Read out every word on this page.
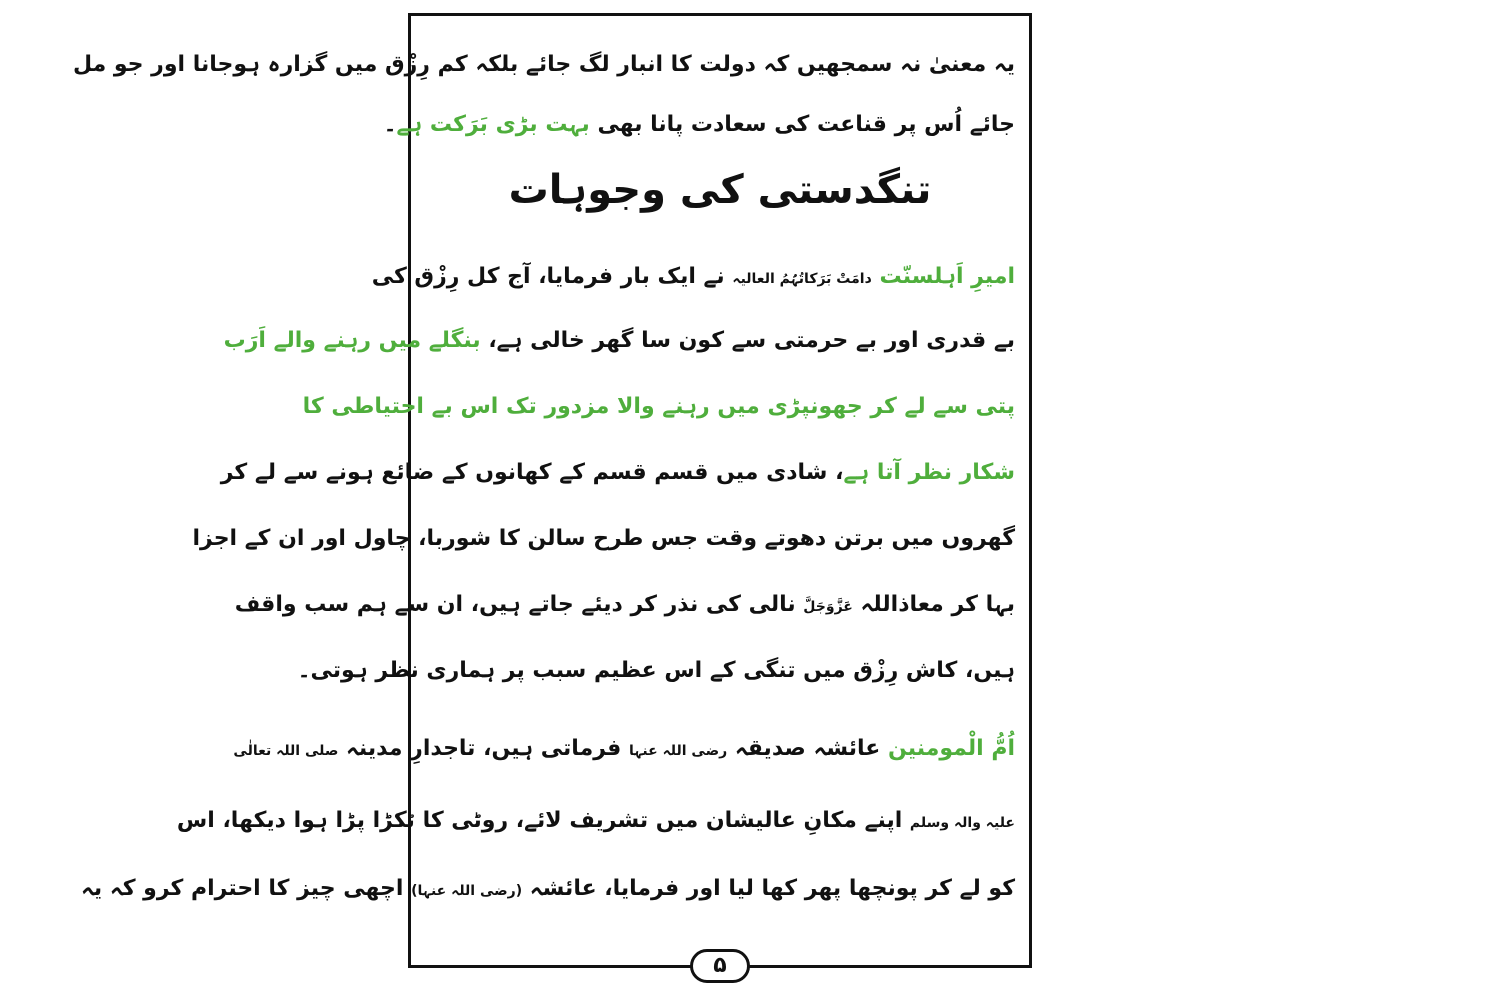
یہ معنیٰ نہ سمجھیں کہ دولت کا انبار لگ جائے بلکہ کم رِزْق میں گزارہ ہوجانا اور جو مل
جائے اُس پر قناعت کی سعادت پانا بھی بہت بڑی بَرَکت ہے۔
تنگدستی کی وجوہات
امیرِ اَہلسنّت دامَتْ بَرَکاتُہُمُ العالیہ نے ایک بار فرمایا، آج کل رِزْق کی
بے قدری اور بے حرمتی سے کون سا گھر خالی ہے، بنگلے میں رہنے والے اَرَب
پتی سے لے کر جھونپڑی میں رہنے والا مزدور تک اس بے احتیاطی کا
شکار نظر آتا ہے، شادی میں قسم قسم کے کھانوں کے ضائع ہونے سے لے کر
گھروں میں برتن دھوتے وقت جس طرح سالن کا شوربا، چاول اور ان کے اجزا
بہا کر معاذاللہ عَزَّوَجَلَّ نالی کی نذر کر دیئے جاتے ہیں، ان سے ہم سب واقف
ہیں، کاش رِزْق میں تنگی کے اس عظیم سبب پر ہماری نظر ہوتی۔
اُمُّ الْمومنین عائشہ صدیقہ رضی اللہ عنہا فرماتی ہیں، تاجدارِ مدینہ صلی اللہ تعالٰی
علیہ والہ وسلم اپنے مکانِ عالیشان میں تشریف لائے، روٹی کا ٹکڑا پڑا ہوا دیکھا، اس
کو لے کر پونچھا پھر کھا لیا اور فرمایا، عائشہ (رضی اللہ عنہا) اچھی چیز کا احترام کرو کہ یہ
۵
